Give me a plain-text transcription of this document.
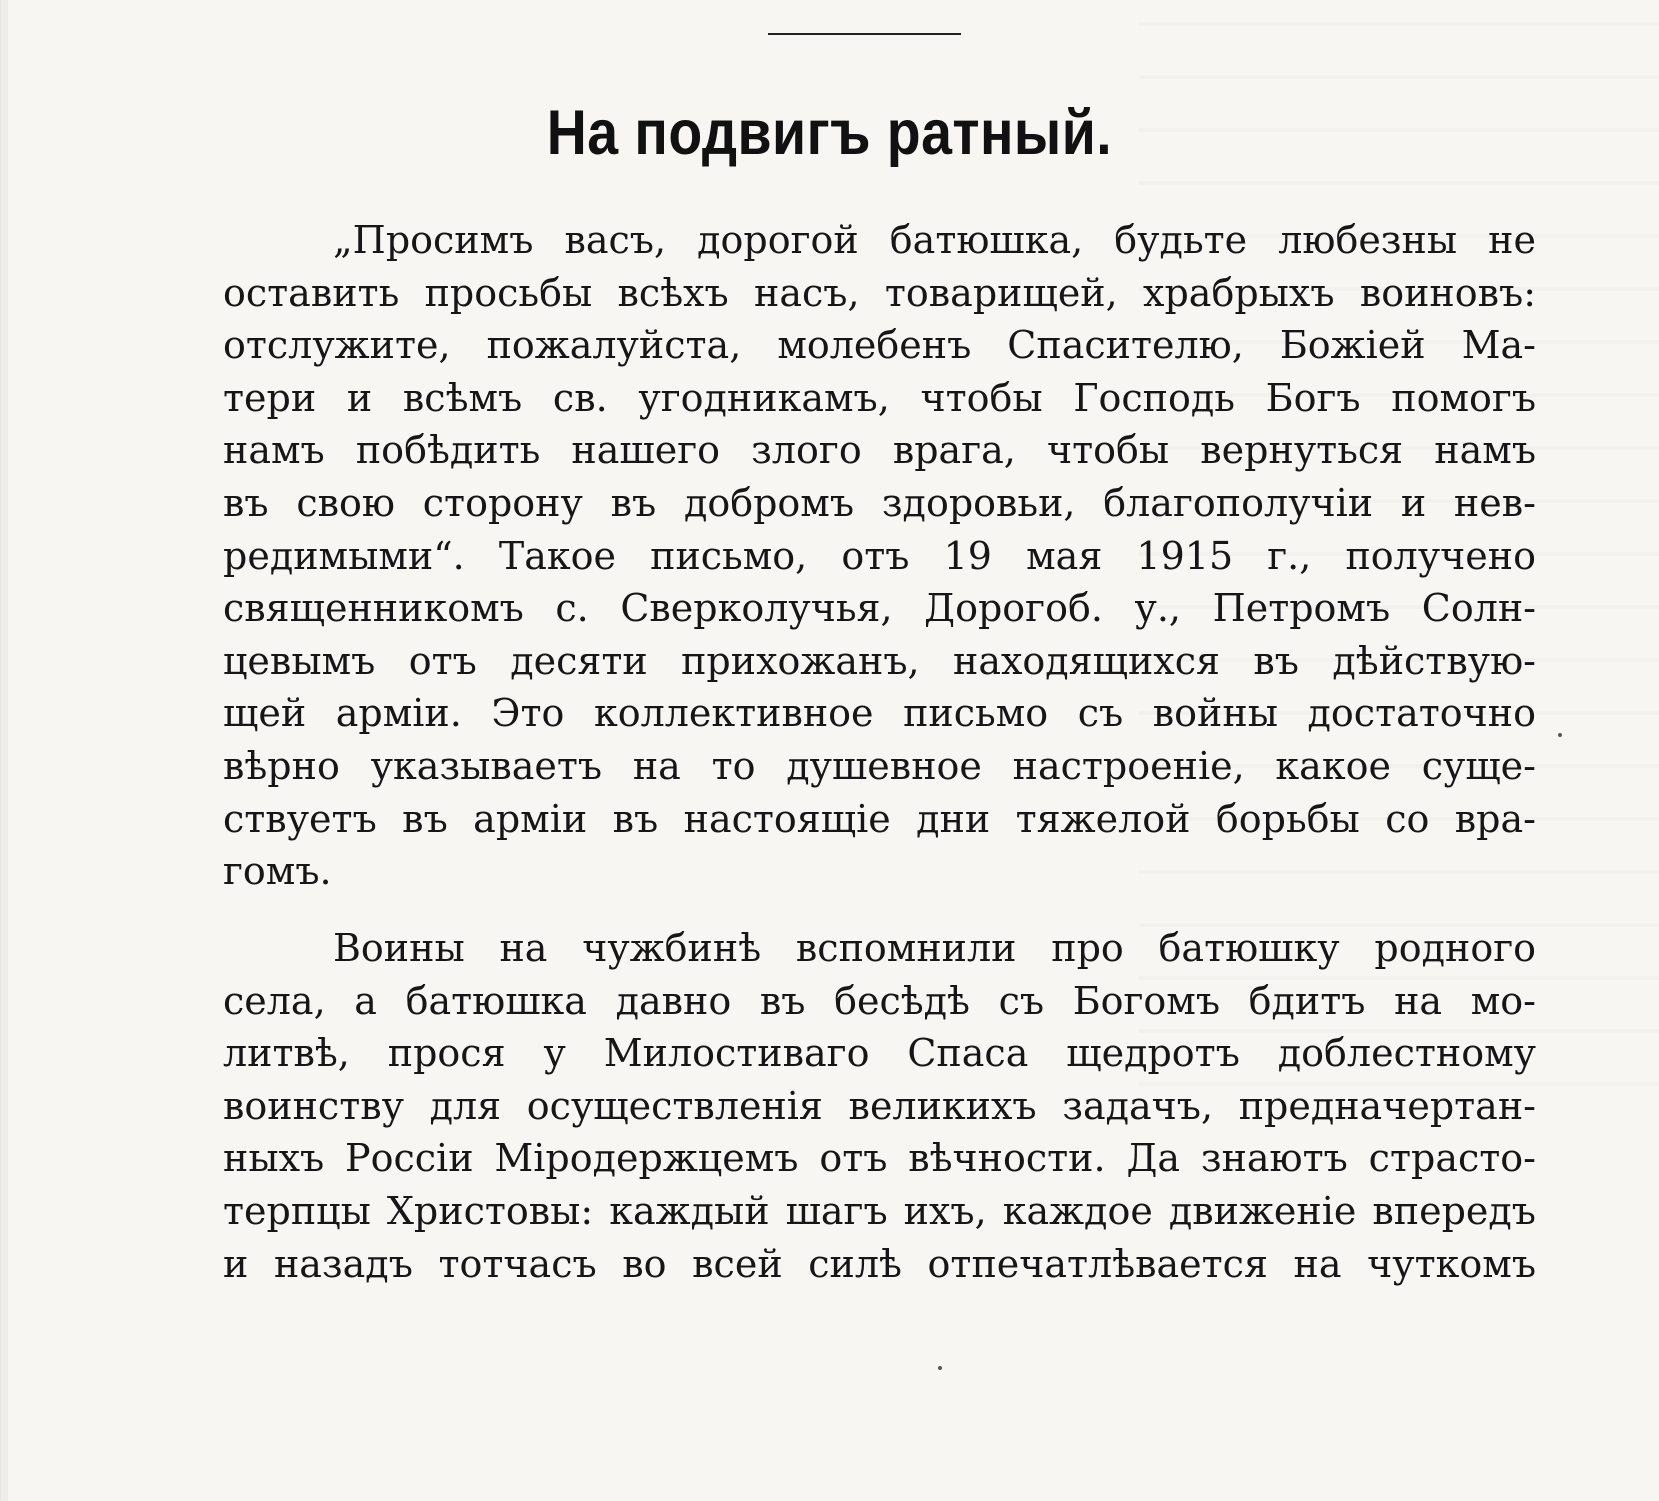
На подвигъ ратный.
„Просимъ васъ, дорогой батюшка, будьте любезны не
оставить просьбы всѣхъ насъ, товарищей, храбрыхъ воиновъ:
отслужите, пожалуйста, молебенъ Спасителю, Божіей Ма-
тери и всѣмъ св. угодникамъ, чтобы Господь Богъ помогъ
намъ побѣдить нашего злого врага, чтобы вернуться намъ
въ свою сторону въ добромъ здоровьи, благополучіи и нев-
редимыми“. Такое письмо, отъ 19 мая 1915 г., получено
священникомъ с. Сверколучья, Дорогоб. у., Петромъ Солн-
цевымъ отъ десяти прихожанъ, находящихся въ дѣйствую-
щей арміи. Это коллективное письмо съ войны достаточно
вѣрно указываетъ на то душевное настроеніе, какое суще-
ствуетъ въ арміи въ настоящіе дни тяжелой борьбы со вра-
гомъ.
Воины на чужбинѣ вспомнили про батюшку родного
села, а батюшка давно въ бесѣдѣ съ Богомъ бдитъ на мо-
литвѣ, прося у Милостиваго Спаса щедротъ доблестному
воинству для осуществленія великихъ задачъ, предначертан-
ныхъ Россіи Міродержцемъ отъ вѣчности. Да знаютъ страсто-
терпцы Христовы: каждый шагъ ихъ, каждое движеніе впередъ
и назадъ тотчасъ во всей силѣ отпечатлѣвается на чуткомъ
